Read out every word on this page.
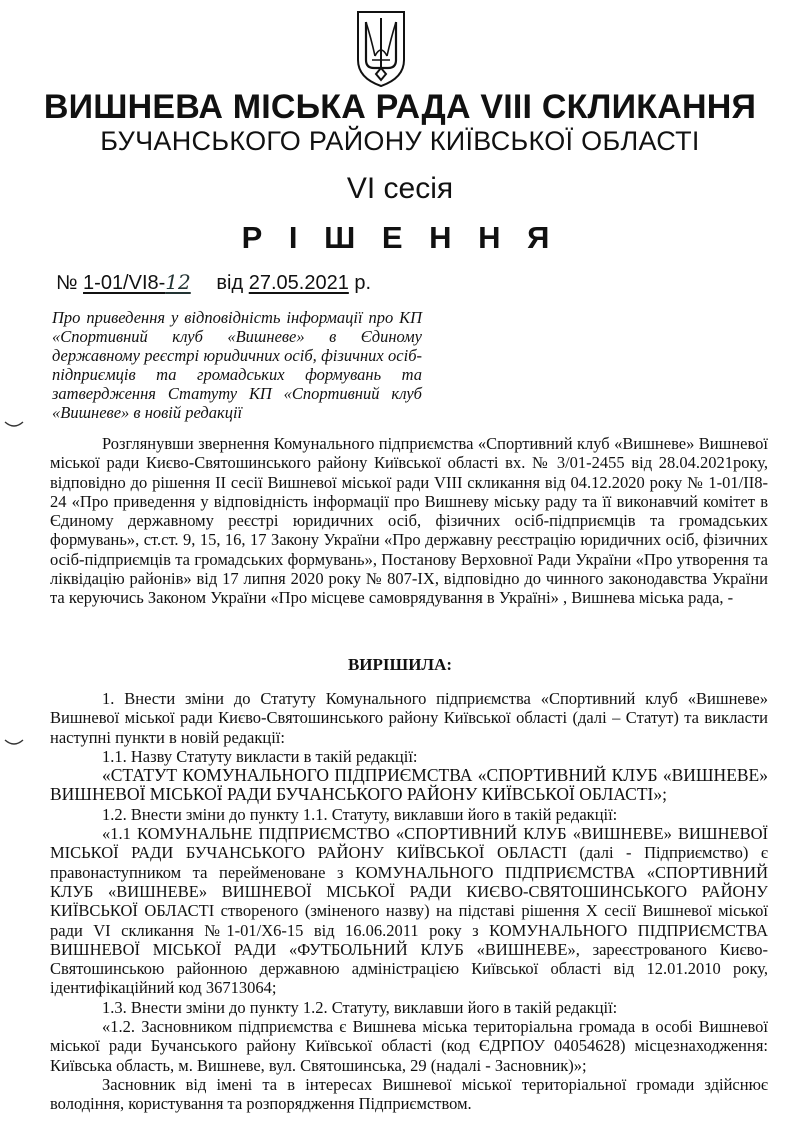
ВИШНЕВА МІСЬКА РАДА VIII СКЛИКАННЯ
БУЧАНСЬКОГО РАЙОНУ КИЇВСЬКОЇ ОБЛАСТІ
VI сесія
Р І Ш Е Н Н Я
№ 1-01/VI8-12 від 27.05.2021 р.
Про приведення у відповідність інформації про КП «Спортивний клуб «Вишневе» в Єдиному державному реєстрі юридичних осіб, фізичних осіб-підприємців та громадських формувань та затвердження Статуту КП «Спортивний клуб «Вишневе» в новій редакції
Розглянувши звернення Комунального підприємства «Спортивний клуб «Вишневе» Вишневої міської ради Києво-Святошинського району Київської області вх. № 3/01-2455 від 28.04.2021року, відповідно до рішення ІІ сесії Вишневої міської ради VIII скликання від 04.12.2020 року № 1-01/ІІ8-24 «Про приведення у відповідність інформації про Вишневу міську раду та її виконавчий комітет в Єдиному державному реєстрі юридичних осіб, фізичних осіб-підприємців та громадських формувань», ст.ст. 9, 15, 16, 17 Закону України «Про державну реєстрацію юридичних осіб, фізичних осіб-підприємців та громадських формувань», Постанову Верховної Ради України «Про утворення та ліквідацію районів» від 17 липня 2020 року № 807-ІХ, відповідно до чинного законодавства України та керуючись Законом України «Про місцеве самоврядування в Україні» , Вишнева міська рада, -
ВИРІШИЛА:

1. Внести зміни до Статуту Комунального підприємства «Спортивний клуб «Вишневе» Вишневої міської ради Києво-Святошинського району Київської області (далі – Статут) та викласти наступні пункти в новій редакції:

1.1. Назву Статуту викласти в такій редакції:

«СТАТУТ КОМУНАЛЬНОГО ПІДПРИЄМСТВА «СПОРТИВНИЙ КЛУБ «ВИШНЕВЕ» ВИШНЕВОЇ МІСЬКОЇ РАДИ БУЧАНСЬКОГО РАЙОНУ КИЇВСЬКОЇ ОБЛАСТІ»;

1.2. Внести зміни до пункту 1.1. Статуту, виклавши його в такій редакції:

«1.1 КОМУНАЛЬНЕ ПІДПРИЄМСТВО «СПОРТИВНИЙ КЛУБ «ВИШНЕВЕ» ВИШНЕВОЇ МІСЬКОЇ РАДИ БУЧАНСЬКОГО РАЙОНУ КИЇВСЬКОЇ ОБЛАСТІ (далі - Підприємство) є правонаступником та перейменоване з КОМУНАЛЬНОГО ПІДПРИЄМСТВА «СПОРТИВНИЙ КЛУБ «ВИШНЕВЕ» ВИШНЕВОЇ МІСЬКОЇ РАДИ КИЄВО-СВЯТОШИНСЬКОГО РАЙОНУ КИЇВСЬКОЇ ОБЛАСТІ створеного (зміненого назву) на підставі рішення Х сесії Вишневої міської ради VI скликання №1-01/Х6-15 від 16.06.2011 року з КОМУНАЛЬНОГО ПІДПРИЄМСТВА ВИШНЕВОЇ МІСЬКОЇ РАДИ «ФУТБОЛЬНИЙ КЛУБ «ВИШНЕВЕ», зареєстрованого Києво-Святошинською районною державною адміністрацією Київської області від 12.01.2010 року, ідентифікаційний код 36713064;

1.3. Внести зміни до пункту 1.2. Статуту, виклавши його в такій редакції:

«1.2. Засновником підприємства є Вишнева міська територіальна громада в особі Вишневої міської ради Бучанського району Київської області (код ЄДРПОУ 04054628) місцезнаходження: Київська область, м. Вишневе, вул. Святошинська, 29 (надалі - Засновник)»;

Засновник від імені та в інтересах Вишневої міської територіальної громади здійснює володіння, користування та розпорядження Підприємством.
